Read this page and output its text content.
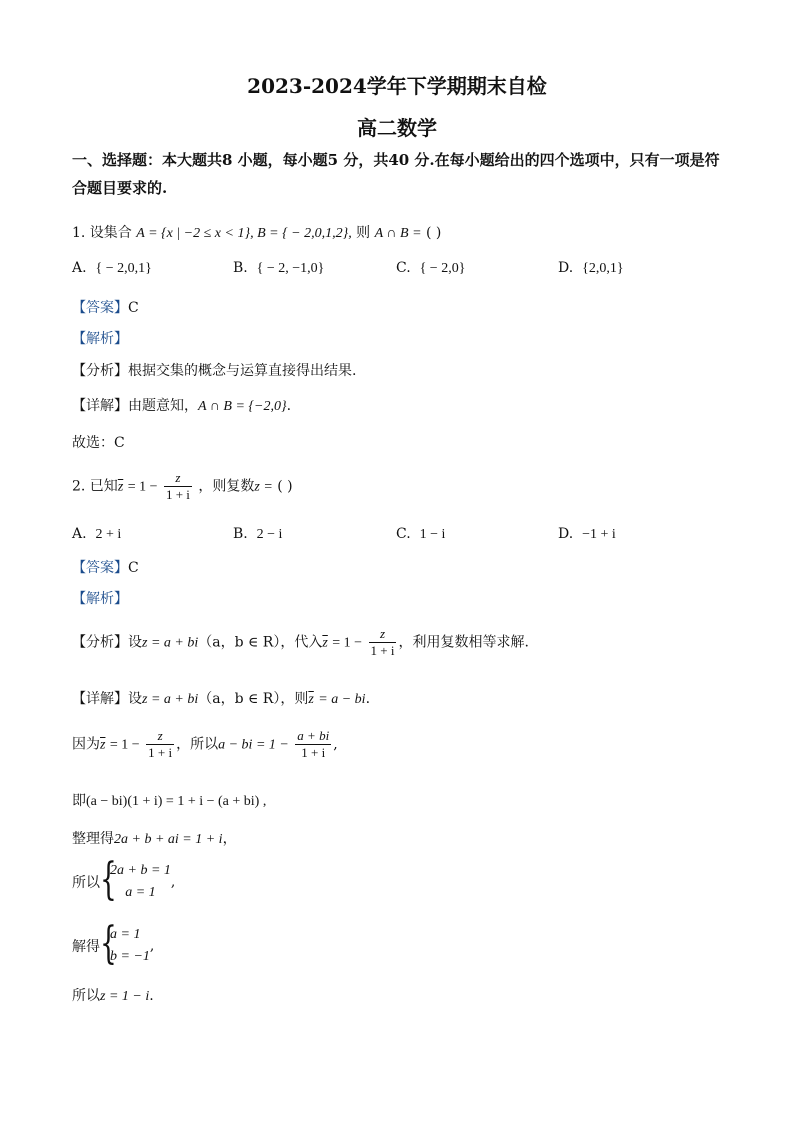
2023-2024学年下学期期末自检
高二数学
一、选择题：本大题共8 小题，每小题5 分，共40 分.在每小题给出的四个选项中，只有一项是符合题目要求的.
1. 设集合 A = {x | −2 ≤ x < 1}, B = { − 2,0,1,2}, 则 A ∩ B = ( )
A. { − 2,0,1}	B. { − 2, −1,0}	C. { − 2,0}	D. {2,0,1}
【答案】C
【解析】
【分析】根据交集的概念与运算直接得出结果.
【详解】由题意知，A ∩ B = {−2,0}.
故选：C
2. 已知$\overline{z} = 1 - \frac{z}{1 + i}$ ，则复数z = ( )
A. 2 + i	B. 2 − i	C. 1 − i	D. −1 + i
【答案】C
【解析】
【分析】设z = a + bi（a，b ∈ R），代入$\overline{z} = 1 - \frac{z}{1 + i}$ ，利用复数相等求解.
【详解】设z = a + bi（a，b ∈ R），则$\overline{z} = a$ − bi.
因为$\overline{z} = 1 - \frac{z}{1 + i}$ ，所以a − bi = $1 - \frac{a + bi}{1 + i}$ ,
即(a − bi)(1 + i) = 1 + i − (a + bi) ,
整理得2a + b + ai = 1 + i，
所以 {
2a + b = 1
a = 1
,
解得 {
a = 1
b = −1
,
所以z = 1 − i.
